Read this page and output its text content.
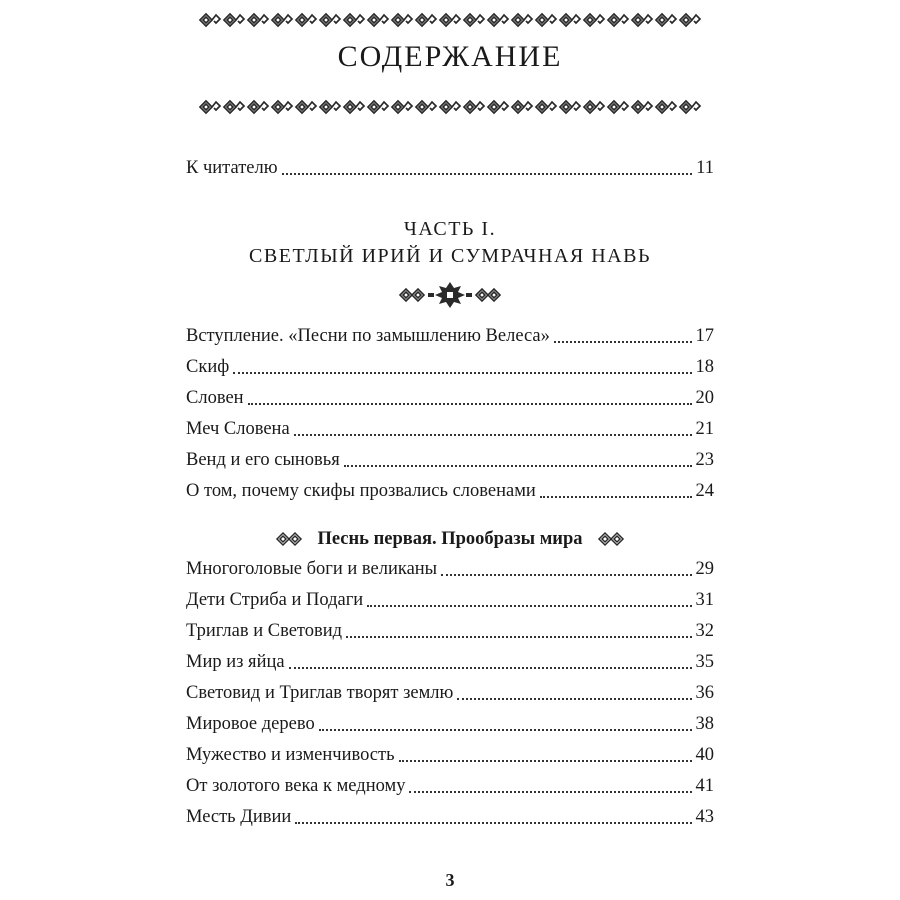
СОДЕРЖАНИЕ
К читателю	11
ЧАСТЬ I.
СВЕТЛЫЙ ИРИЙ И СУМРАЧНАЯ НАВЬ
Вступление. «Песни по замышлению Велеса»	17
Скиф	18
Словен	20
Меч Словена	21
Венд и его сыновья	23
О том, почему скифы прозвались словенами	24
Песнь первая. Прообразы мира
Многоголовые боги и великаны	29
Дети Стриба и Подаги	31
Триглав и Световид	32
Мир из яйца	35
Световид и Триглав творят землю	36
Мировое дерево	38
Мужество и изменчивость	40
От золотого века к медному	41
Месть Дивии	43
3
